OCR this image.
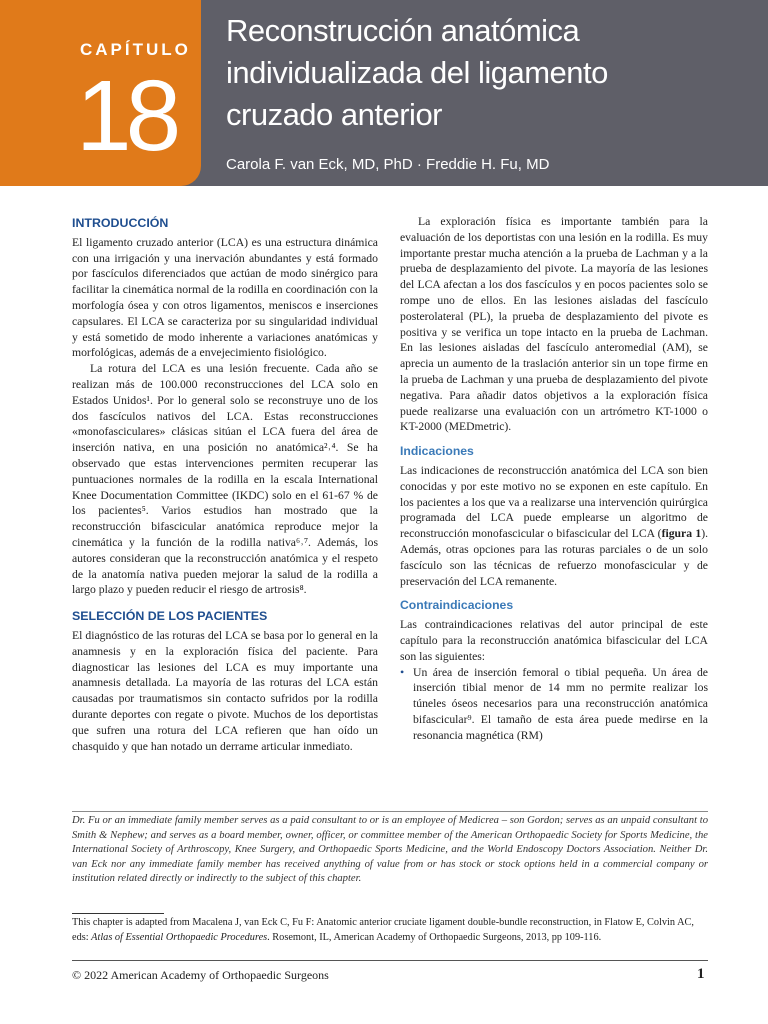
CAPÍTULO
18
Reconstrucción anatómica
individualizada del ligamento
cruzado anterior
Carola F. van Eck, MD, PhD · Freddie H. Fu, MD
INTRODUCCIÓN

El ligamento cruzado anterior (LCA) es una estructura dinámica con una irrigación y una inervación abundantes y está formado por fascículos diferenciados que actúan de modo sinérgico para facilitar la cinemática normal de la rodilla en coordinación con la morfología ósea y con otros ligamentos, meniscos e inserciones capsulares. El LCA se caracteriza por su singularidad individual y está sometido de modo inherente a variaciones anatómicas y morfológicas, además de a envejecimiento fisiológico.

La rotura del LCA es una lesión frecuente. Cada año se realizan más de 100.000 reconstrucciones del LCA solo en Estados Unidos¹. Por lo general solo se reconstruye uno de los dos fascículos nativos del LCA. Estas reconstrucciones «monofasciculares» clásicas sitúan el LCA fuera del área de inserción nativa, en una posición no anatómica²˒⁴. Se ha observado que estas intervenciones permiten recuperar las puntuaciones normales de la rodilla en la escala International Knee Documentation Committee (IKDC) solo en el 61-67 % de los pacientes⁵. Varios estudios han mostrado que la reconstrucción bifascicular anatómica reproduce mejor la cinemática y la función de la rodilla nativa⁶˒⁷. Además, los autores consideran que la reconstrucción anatómica y el respeto de la anatomía nativa pueden mejorar la salud de la rodilla a largo plazo y pueden reducir el riesgo de artrosis⁸.

SELECCIÓN DE LOS PACIENTES

El diagnóstico de las roturas del LCA se basa por lo general en la anamnesis y en la exploración física del paciente. Para diagnosticar las lesiones del LCA es muy importante una anamnesis detallada. La mayoría de las roturas del LCA están causadas por traumatismos sin contacto sufridos por la rodilla durante deportes con regate o pivote. Muchos de los deportistas que sufren una rotura del LCA refieren que han oído un chasquido y que han notado un derrame articular inmediato.

La exploración física es importante también para la evaluación de los deportistas con una lesión en la rodilla. Es muy importante prestar mucha atención a la prueba de Lachman y a la prueba de desplazamiento del pivote. La mayoría de las lesiones del LCA afectan a los dos fascículos y en pocos pacientes solo se rompe uno de ellos. En las lesiones aisladas del fascículo posterolateral (PL), la prueba de desplazamiento del pivote es positiva y se verifica un tope intacto en la prueba de Lachman. En las lesiones aisladas del fascículo anteromedial (AM), se aprecia un aumento de la traslación anterior sin un tope firme en la prueba de Lachman y una prueba de desplazamiento del pivote negativa. Para añadir datos objetivos a la exploración física puede realizarse una evaluación con un artrómetro KT-1000 o KT-2000 (MEDmetric).

Indicaciones

Las indicaciones de reconstrucción anatómica del LCA son bien conocidas y por este motivo no se exponen en este capítulo. En los pacientes a los que va a realizarse una intervención quirúrgica programada del LCA puede emplearse un algoritmo de reconstrucción monofascicular o bifascicular del LCA (figura 1). Además, otras opciones para las roturas parciales o de un solo fascículo son las técnicas de refuerzo monofascicular y de preservación del LCA remanente.

Contraindicaciones

Las contraindicaciones relativas del autor principal de este capítulo para la reconstrucción anatómica bifascicular del LCA son las siguientes:

• Un área de inserción femoral o tibial pequeña. Un área de inserción tibial menor de 14 mm no permite realizar los túneles óseos necesarios para una reconstrucción anatómica bifascicular⁹. El tamaño de esta área puede medirse en la resonancia magnética (RM)
Dr. Fu or an immediate family member serves as a paid consultant to or is an employee of Medicrea – son Gordon; serves as an unpaid consultant to Smith & Nephew; and serves as a board member, owner, officer, or committee member of the American Orthopaedic Society for Sports Medicine, the International Society of Arthroscopy, Knee Surgery, and Orthopaedic Sports Medicine, and the World Endoscopy Doctors Association. Neither Dr. van Eck nor any immediate family member has received anything of value from or has stock or stock options held in a commercial company or institution related directly or indirectly to the subject of this chapter.
This chapter is adapted from Macalena J, van Eck C, Fu F: Anatomic anterior cruciate ligament double-bundle reconstruction, in Flatow E, Colvin AC, eds: Atlas of Essential Orthopaedic Procedures. Rosemont, IL, American Academy of Orthopaedic Surgeons, 2013, pp 109-116.
© 2022 American Academy of Orthopaedic Surgeons	1
